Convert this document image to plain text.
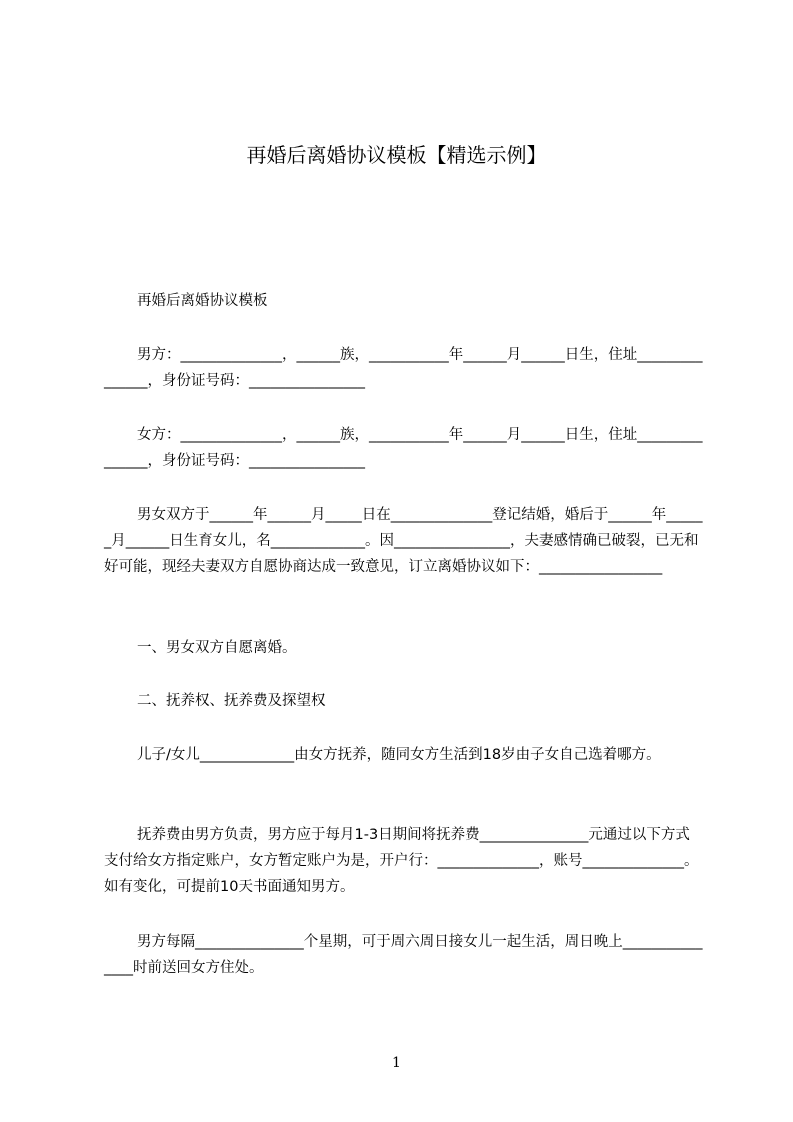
再婚后离婚协议模板【精选示例】
再婚后离婚协议模板
男方：______________，______族，___________年______月______日生，住址_______________，身份证号码：________________
女方：______________，______族，___________年______月______日生，住址_______________，身份证号码：________________
男女双方于______年______月_____日在______________登记结婚，婚后于______年______月______日生育女儿，名_____________。因________________，夫妻感情确已破裂，已无和好可能，现经夫妻双方自愿协商达成一致意见，订立离婚协议如下：_________________
一、男女双方自愿离婚。
二、抚养权、抚养费及探望权
儿子/女儿_____________由女方抚养，随同女方生活到18岁由子女自己选着哪方。
抚养费由男方负责，男方应于每月1-3日期间将抚养费_______________元通过以下方式支付给女方指定账户，女方暂定账户为是，开户行：______________，账号______________。如有变化，可提前10天书面通知男方。
男方每隔_______________个星期，可于周六周日接女儿一起生活，周日晚上_______________时前送回女方住处。
1
